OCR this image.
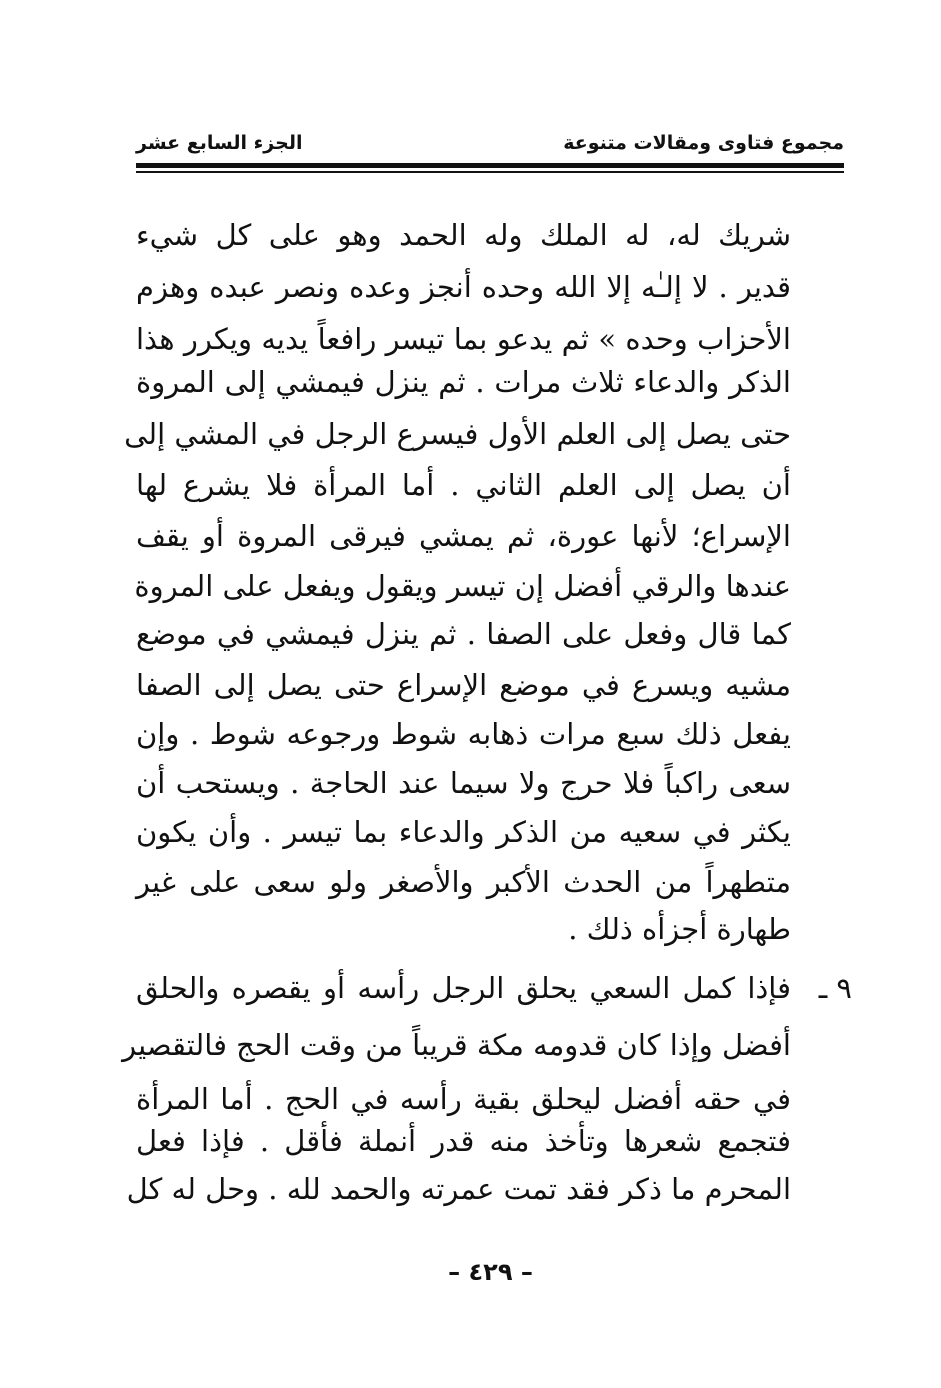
مجموع فتاوى ومقالات متنوعة
الجزء السابع عشر
شريك له، له الملك وله الحمد وهو على كل شيء
قدير . لا إلـٰه إلا الله وحده أنجز وعده ونصر عبده وهزم
الأحزاب وحده » ثم يدعو بما تيسر رافعاً يديه ويكرر هذا
الذكر والدعاء ثلاث مرات . ثم ينزل فيمشي إلى المروة
حتى يصل إلى العلم الأول فيسرع الرجل في المشي إلى
أن يصل إلى العلم الثاني . أما المرأة فلا يشرع لها
الإسراع؛ لأنها عورة، ثم يمشي فيرقى المروة أو يقف
عندها والرقي أفضل إن تيسر ويقول ويفعل على المروة
كما قال وفعل على الصفا . ثم ينزل فيمشي في موضع
مشيه ويسرع في موضع الإسراع حتى يصل إلى الصفا
يفعل ذلك سبع مرات ذهابه شوط ورجوعه شوط . وإن
سعى راكباً فلا حرج ولا سيما عند الحاجة . ويستحب أن
يكثر في سعيه من الذكر والدعاء بما تيسر . وأن يكون
متطهراً من الحدث الأكبر والأصغر ولو سعى على غير
طهارة أجزأه ذلك .
٩ ـ
فإذا كمل السعي يحلق الرجل رأسه أو يقصره والحلق
أفضل وإذا كان قدومه مكة قريباً من وقت الحج فالتقصير
في حقه أفضل ليحلق بقية رأسه في الحج . أما المرأة
فتجمع شعرها وتأخذ منه قدر أنملة فأقل . فإذا فعل
المحرم ما ذكر فقد تمت عمرته والحمد لله . وحل له كل
– ٤٢٩ –
